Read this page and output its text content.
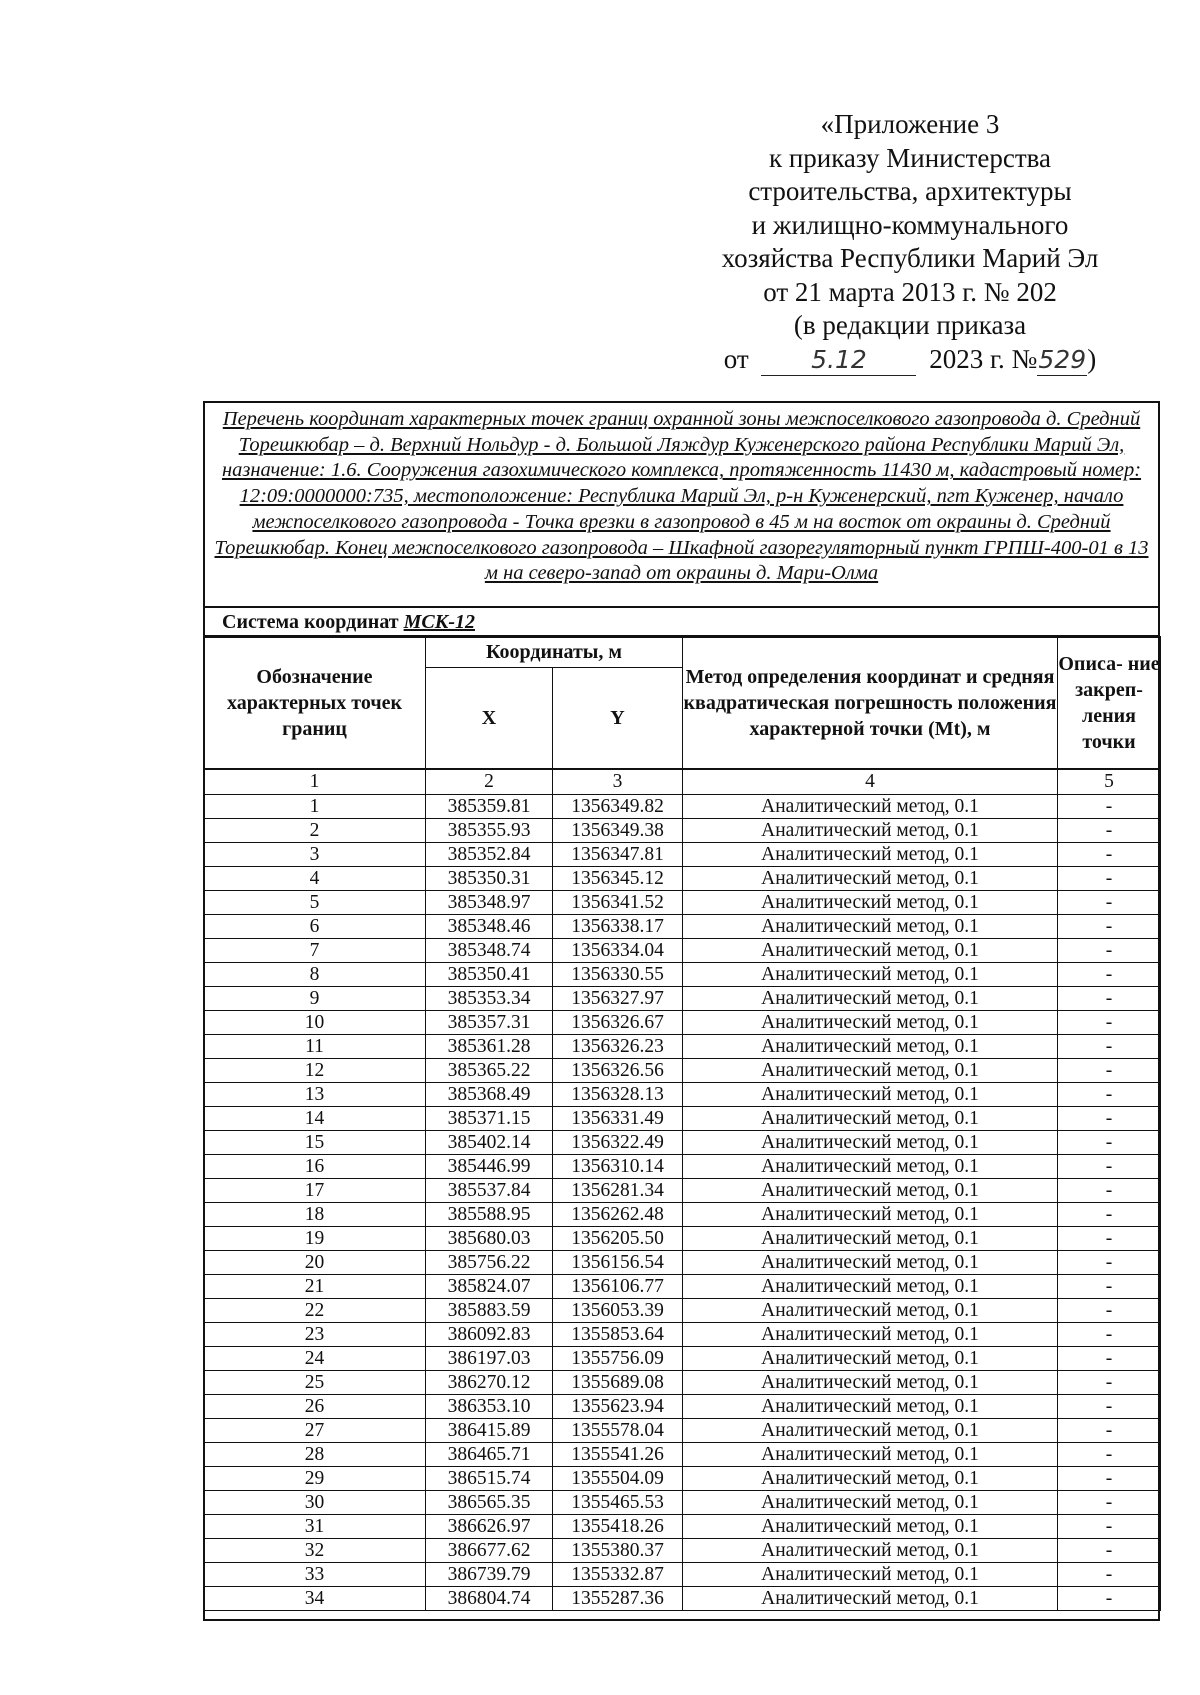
«Приложение 3
к приказу Министерства
строительства, архитектуры
и жилищно-коммунального
хозяйства Республики Марий Эл
от 21 марта 2013 г. № 202
(в редакции приказа
от 5.12 2023 г. №529)
Перечень координат характерных точек границ охранной зоны межпоселкового газопровода д. Средний Торешкюбар – д. Верхний Нольдур - д. Большой Ляждур Куженерского района Республики Марий Эл, назначение: 1.6. Сооружения газохимического комплекса, протяженность 11430 м, кадастровый номер: 12:09:0000000:735, местоположение: Республика Марий Эл, р-н Куженерский, пгт Куженер, начало межпоселкового газопровода - Точка врезки в газопровод в 45 м на восток от окраины д. Средний Торешкюбар. Конец межпоселкового газопровода – Шкафной газорегуляторный пункт ГРПШ-400-01 в 13 м на северо-запад от окраины д. Мари-Олма
Система координат МСК-12
Обозначение характерных точек границ	Координаты, м		Метод определения координат и средняя квадратическая погрешность положения характерной точки (Mt), м	Описа- ние закреп- ления точки
	X	Y		
1	2	3	4	5
1	385359.81	1356349.82	Аналитический метод, 0.1	-
2	385355.93	1356349.38	Аналитический метод, 0.1	-
3	385352.84	1356347.81	Аналитический метод, 0.1	-
4	385350.31	1356345.12	Аналитический метод, 0.1	-
5	385348.97	1356341.52	Аналитический метод, 0.1	-
6	385348.46	1356338.17	Аналитический метод, 0.1	-
7	385348.74	1356334.04	Аналитический метод, 0.1	-
8	385350.41	1356330.55	Аналитический метод, 0.1	-
9	385353.34	1356327.97	Аналитический метод, 0.1	-
10	385357.31	1356326.67	Аналитический метод, 0.1	-
11	385361.28	1356326.23	Аналитический метод, 0.1	-
12	385365.22	1356326.56	Аналитический метод, 0.1	-
13	385368.49	1356328.13	Аналитический метод, 0.1	-
14	385371.15	1356331.49	Аналитический метод, 0.1	-
15	385402.14	1356322.49	Аналитический метод, 0.1	-
16	385446.99	1356310.14	Аналитический метод, 0.1	-
17	385537.84	1356281.34	Аналитический метод, 0.1	-
18	385588.95	1356262.48	Аналитический метод, 0.1	-
19	385680.03	1356205.50	Аналитический метод, 0.1	-
20	385756.22	1356156.54	Аналитический метод, 0.1	-
21	385824.07	1356106.77	Аналитический метод, 0.1	-
22	385883.59	1356053.39	Аналитический метод, 0.1	-
23	386092.83	1355853.64	Аналитический метод, 0.1	-
24	386197.03	1355756.09	Аналитический метод, 0.1	-
25	386270.12	1355689.08	Аналитический метод, 0.1	-
26	386353.10	1355623.94	Аналитический метод, 0.1	-
27	386415.89	1355578.04	Аналитический метод, 0.1	-
28	386465.71	1355541.26	Аналитический метод, 0.1	-
29	386515.74	1355504.09	Аналитический метод, 0.1	-
30	386565.35	1355465.53	Аналитический метод, 0.1	-
31	386626.97	1355418.26	Аналитический метод, 0.1	-
32	386677.62	1355380.37	Аналитический метод, 0.1	-
33	386739.79	1355332.87	Аналитический метод, 0.1	-
34	386804.74	1355287.36	Аналитический метод, 0.1	-
